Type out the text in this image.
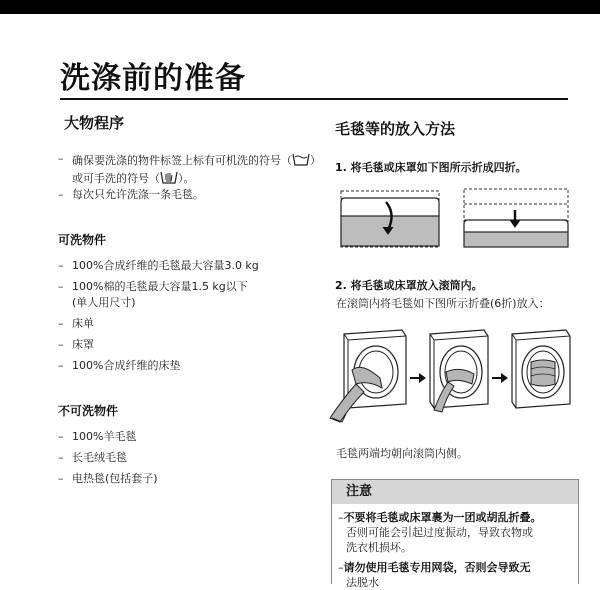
洗涤前的准备

大物程序

– 确保要洗涤的物件标签上标有可机洗的符号（ ）或可手洗的符号（ ）。
– 每次只允许洗涤一条毛毯。

可洗物件

– 100%合成纤维的毛毯最大容量3.0 kg
– 100%棉的毛毯最大容量1.5 kg以下
(单人用尺寸)
– 床单
– 床罩
– 100%合成纤维的床垫

不可洗物件

– 100%羊毛毯
– 长毛绒毛毯
– 电热毯(包括套子)

毛毯等的放入方法

1. 将毛毯或床罩如下图所示折成四折。

2. 将毛毯或床罩放入滚筒内。

在滚筒内将毛毯如下图所示折叠(6折)放入：

毛毯两端均朝向滚筒内侧。

注意

–不要将毛毯或床罩裹为一团或胡乱折叠。

否则可能会引起过度振动，导致衣物或

洗衣机损坏。

–请勿使用毛毯专用网袋，否则会导致无

法脱水
